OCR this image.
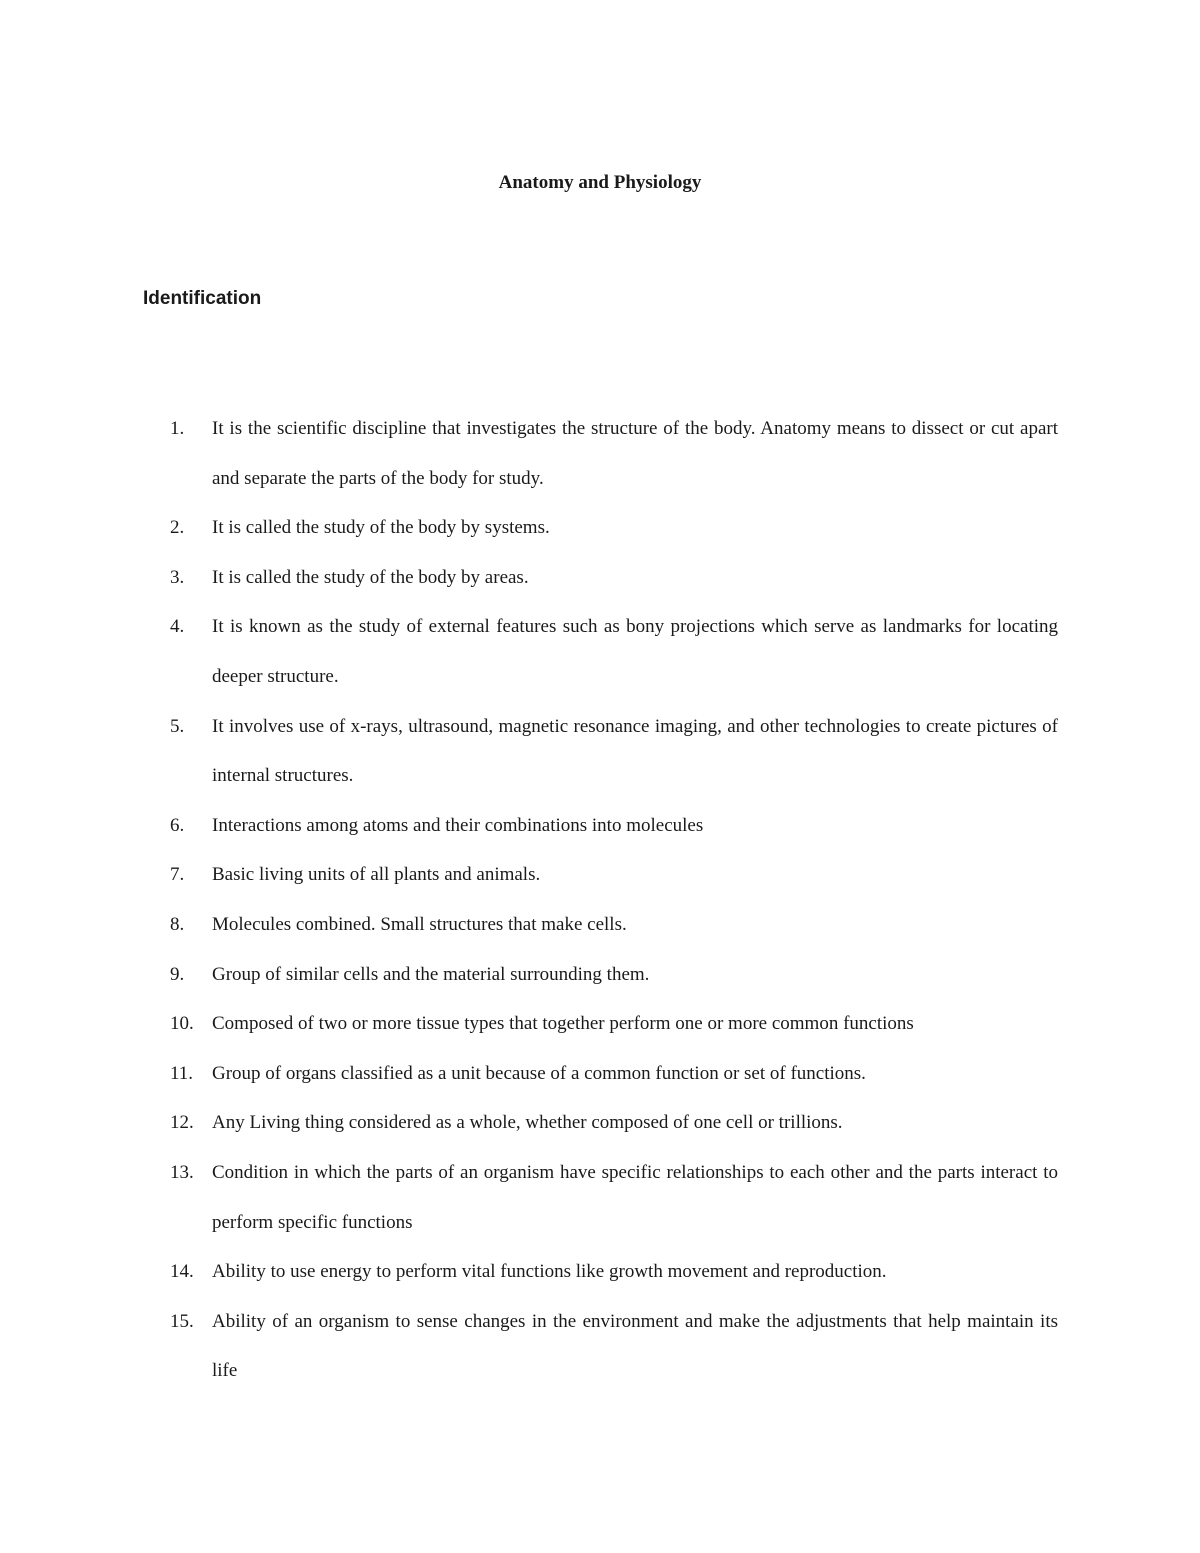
Anatomy and Physiology
Identification
1.	It is the scientific discipline that investigates the structure of the body. Anatomy means to dissect or cut apart and separate the parts of the body for study.
2.	It is called the study of the body by systems.
3.	It is called the study of the body by areas.
4.	It is known as the study of external features such as bony projections which serve as landmarks for locating deeper structure.
5.	It involves use of x-rays, ultrasound, magnetic resonance imaging, and other technologies to create pictures of internal structures.
6.	Interactions among atoms and their combinations into molecules
7.	Basic living units of all plants and animals.
8.	Molecules combined. Small structures that make cells.
9.	Group of similar cells and the material surrounding them.
10. Composed of two or more tissue types that together perform one or more common functions
11. Group of organs classified as a unit because of a common function or set of functions.
12. Any Living thing considered as a whole, whether composed of one cell or trillions.
13. Condition in which the parts of an organism have specific relationships to each other and the parts interact to perform specific functions
14. Ability to use energy to perform vital functions like growth movement and reproduction.
15. Ability of an organism to sense changes in the environment and make the adjustments that help maintain its life
